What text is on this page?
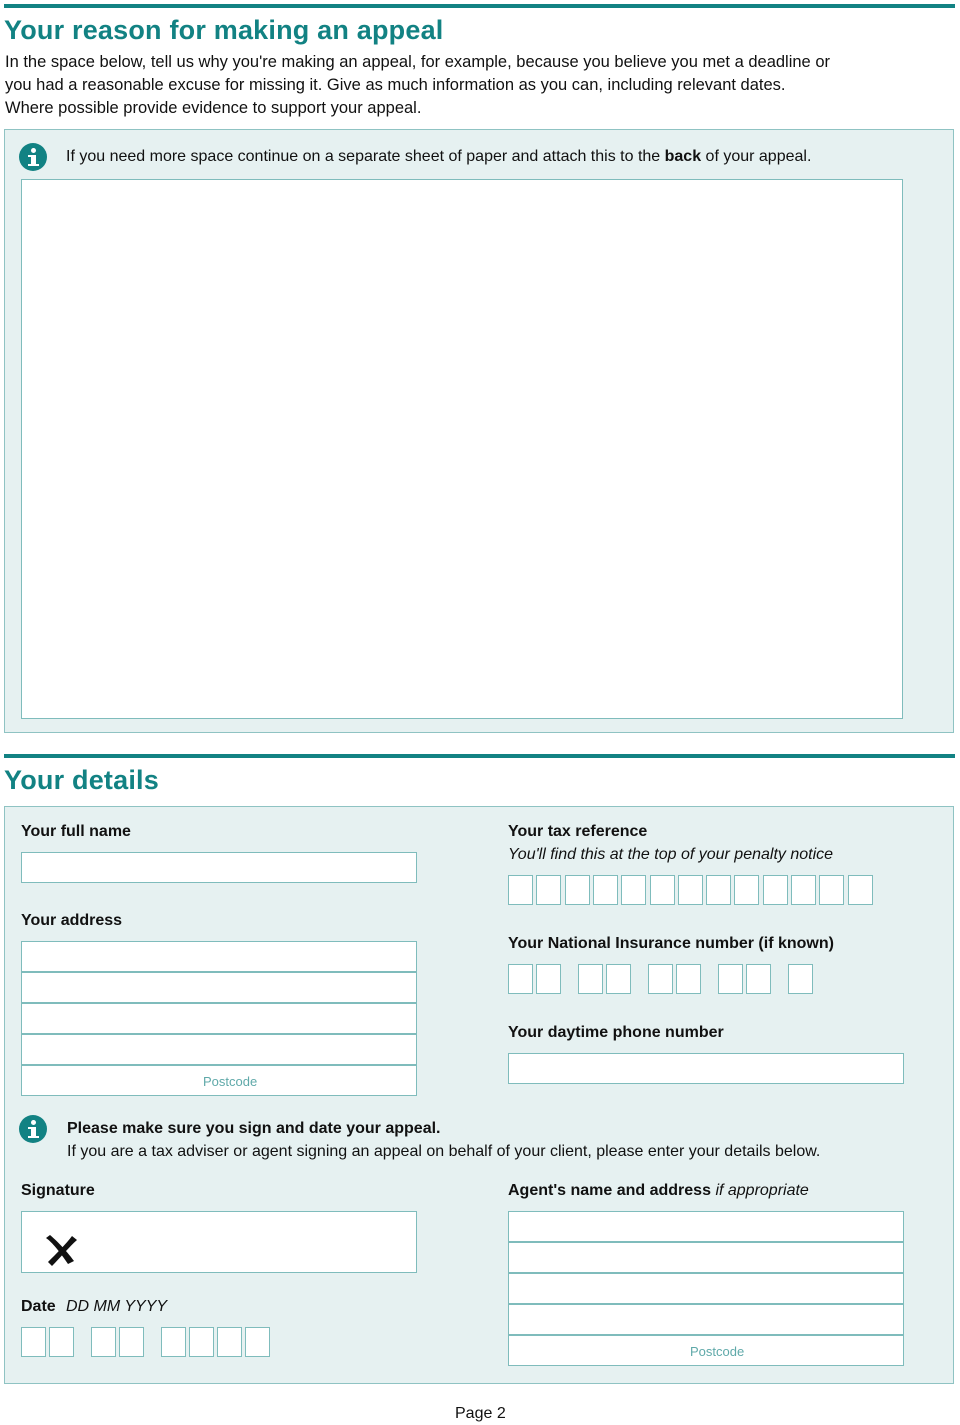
Your reason for making an appeal
In the space below, tell us why you're making an appeal, for example, because you believe you met a deadline or
you had a reasonable excuse for missing it. Give as much information as you can, including relevant dates.
Where possible provide evidence to support your appeal.
If you need more space continue on a separate sheet of paper and attach this to the back of your appeal.
Your details
Your full name
Your address
Postcode
Your tax reference
You'll find this at the top of your penalty notice
Your National Insurance number (if known)
Your daytime phone number
Please make sure you sign and date your appeal.
If you are a tax adviser or agent signing an appeal on behalf of your client, please enter your details below.
Signature
Date DD MM YYYY
Agent's name and address if appropriate
Postcode
Page 2
